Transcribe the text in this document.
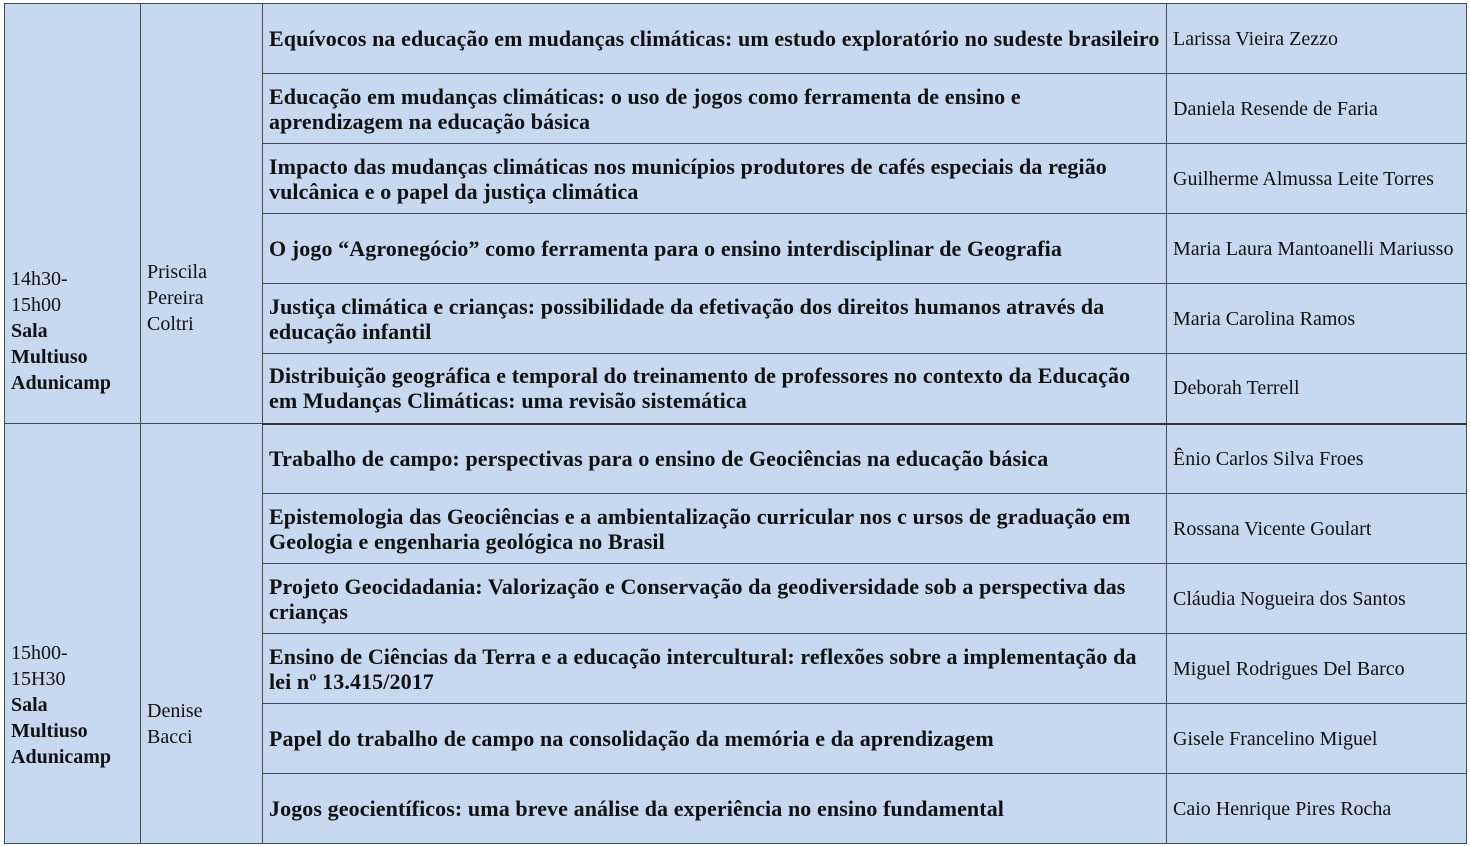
14h30-
15h00
Sala
Multiuso
Adunicamp	Priscila
Pereira
Coltri	Equívocos na educação em mudanças climáticas: um estudo exploratório no sudeste brasileiro	Larissa Vieira Zezzo
		Educação em mudanças climáticas: o uso de jogos como ferramenta de ensino e aprendizagem na educação básica	Daniela Resende de Faria
		Impacto das mudanças climáticas nos municípios produtores de cafés especiais da região vulcânica e o papel da justiça climática	Guilherme Almussa Leite Torres
		O jogo “Agronegócio” como ferramenta para o ensino interdisciplinar de Geografia	Maria Laura Mantoanelli Mariusso
		Justiça climática e crianças: possibilidade da efetivação dos direitos humanos através da educação infantil	Maria Carolina Ramos
		Distribuição geográfica e temporal do treinamento de professores no contexto da Educação em Mudanças Climáticas: uma revisão sistemática	Deborah Terrell

15h00-
15H30
Sala
Multiuso
Adunicamp	Denise
Bacci	Trabalho de campo: perspectivas para o ensino de Geociências na educação básica	Ênio Carlos Silva Froes
		Epistemologia das Geociências e a ambientalização curricular nos c ursos de graduação em Geologia e engenharia geológica no Brasil	Rossana Vicente Goulart
		Projeto Geocidadania: Valorização e Conservação da geodiversidade sob a perspectiva das crianças	Cláudia Nogueira dos Santos
		Ensino de Ciências da Terra e a educação intercultural: reflexões sobre a implementação da lei nº 13.415/2017	Miguel Rodrigues Del Barco
		Papel do trabalho de campo na consolidação da memória e da aprendizagem	Gisele Francelino Miguel
		Jogos geocientíficos: uma breve análise da experiência no ensino fundamental	Caio Henrique Pires Rocha
